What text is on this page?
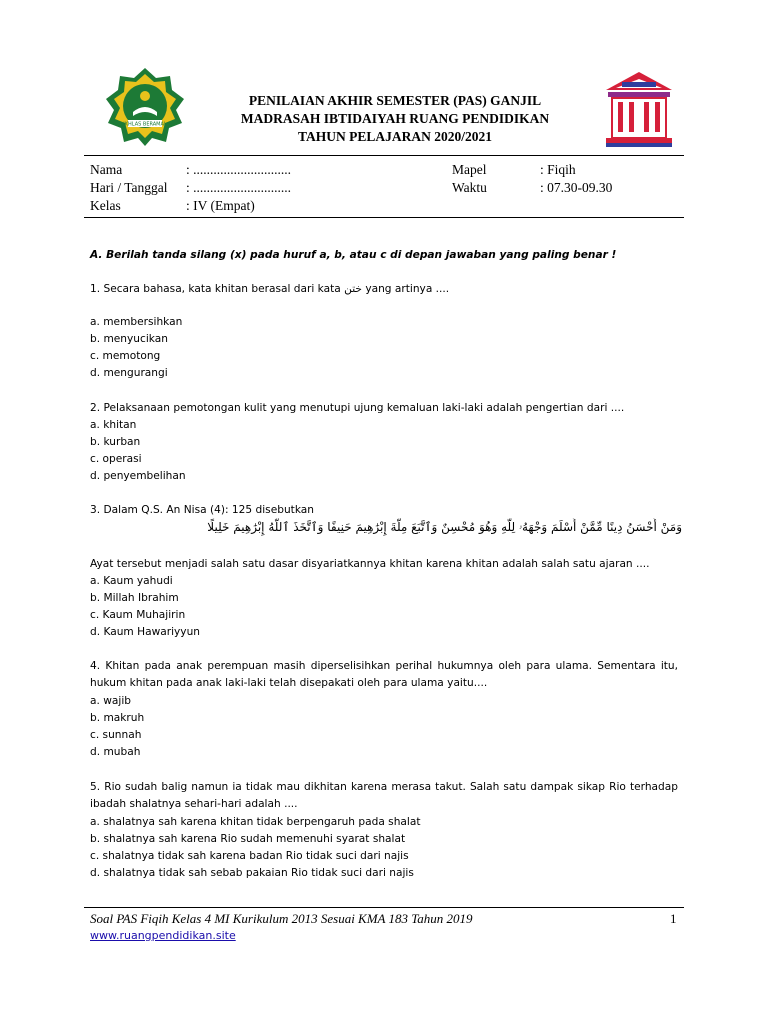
IKHLAS BERAMAL
PENILAIAN AKHIR SEMESTER (PAS) GANJIL
MADRASAH IBTIDAIYAH RUANG PENDIDIKAN
TAHUN PELAJARAN 2020/2021
Nama	: .............................	Mapel	: Fiqih
Hari / Tanggal : .............................	Waktu	: 07.30-09.30
Kelas	: IV (Empat)
A. Berilah tanda silang (x) pada huruf a, b, atau c di depan jawaban yang paling benar !
1. Secara bahasa, kata khitan berasal dari kata ختن yang artinya ....
a. membersihkan
b. menyucikan
c. memotong
d. mengurangi
2. Pelaksanaan pemotongan kulit yang menutupi ujung kemaluan laki-laki adalah pengertian dari ....
a. khitan
b. kurban
c. operasi
d. penyembelihan
3. Dalam Q.S. An Nisa (4): 125 disebutkan
وَمَنْ أَحْسَنُ دِينًا مِّمَّنْ أَسْلَمَ وَجْهَهُۥ لِلَّهِ وَهُوَ مُحْسِنٌ وَٱتَّبَعَ مِلَّةَ إِبْرَٰهِيمَ حَنِيفًا وَٱتَّخَذَ ٱللَّهُ إِبْرَٰهِيمَ خَلِيلًا
Ayat tersebut menjadi salah satu dasar disyariatkannya khitan karena khitan adalah salah satu ajaran ....
a. Kaum yahudi
b. Millah Ibrahim
c. Kaum Muhajirin
d. Kaum Hawariyyun
4. Khitan pada anak perempuan masih diperselisihkan perihal hukumnya oleh para ulama. Sementara itu, hukum khitan pada anak laki-laki telah disepakati oleh para ulama yaitu....
a. wajib
b. makruh
c. sunnah
d. mubah
5. Rio sudah balig namun ia tidak mau dikhitan karena merasa takut. Salah satu dampak sikap Rio terhadap ibadah shalatnya sehari-hari adalah ....
a. shalatnya sah karena khitan tidak berpengaruh pada shalat
b. shalatnya sah karena Rio sudah memenuhi syarat shalat
c. shalatnya tidak sah karena badan Rio tidak suci dari najis
d. shalatnya tidak sah sebab pakaian Rio tidak suci dari najis
Soal PAS Fiqih Kelas 4 MI Kurikulum 2013 Sesuai KMA 183 Tahun 2019	1
www.ruangpendidikan.site
